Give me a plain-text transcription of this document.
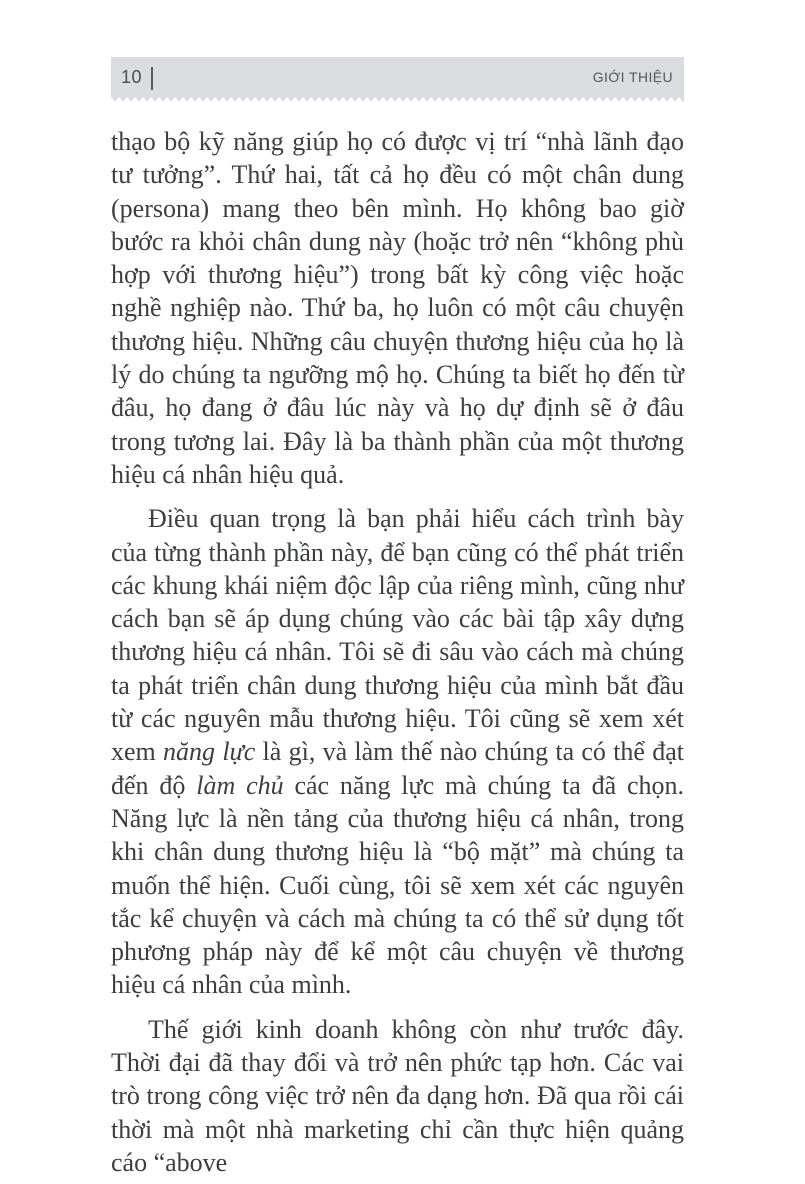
10	GIỚI THIỆU

thạo bộ kỹ năng giúp họ có được vị trí “nhà lãnh đạo tư tưởng”. Thứ hai, tất cả họ đều có một chân dung (persona) mang theo bên mình. Họ không bao giờ bước ra khỏi chân dung này (hoặc trở nên “không phù hợp với thương hiệu”) trong bất kỳ công việc hoặc nghề nghiệp nào. Thứ ba, họ luôn có một câu chuyện thương hiệu. Những câu chuyện thương hiệu của họ là lý do chúng ta ngưỡng mộ họ. Chúng ta biết họ đến từ đâu, họ đang ở đâu lúc này và họ dự định sẽ ở đâu trong tương lai. Đây là ba thành phần của một thương hiệu cá nhân hiệu quả.

Điều quan trọng là bạn phải hiểu cách trình bày của từng thành phần này, để bạn cũng có thể phát triển các khung khái niệm độc lập của riêng mình, cũng như cách bạn sẽ áp dụng chúng vào các bài tập xây dựng thương hiệu cá nhân. Tôi sẽ đi sâu vào cách mà chúng ta phát triển chân dung thương hiệu của mình bắt đầu từ các nguyên mẫu thương hiệu. Tôi cũng sẽ xem xét xem năng lực là gì, và làm thế nào chúng ta có thể đạt đến độ làm chủ các năng lực mà chúng ta đã chọn. Năng lực là nền tảng của thương hiệu cá nhân, trong khi chân dung thương hiệu là “bộ mặt” mà chúng ta muốn thể hiện. Cuối cùng, tôi sẽ xem xét các nguyên tắc kể chuyện và cách mà chúng ta có thể sử dụng tốt phương pháp này để kể một câu chuyện về thương hiệu cá nhân của mình.

Thế giới kinh doanh không còn như trước đây. Thời đại đã thay đổi và trở nên phức tạp hơn. Các vai trò trong công việc trở nên đa dạng hơn. Đã qua rồi cái thời mà một nhà marketing chỉ cần thực hiện quảng cáo “above
